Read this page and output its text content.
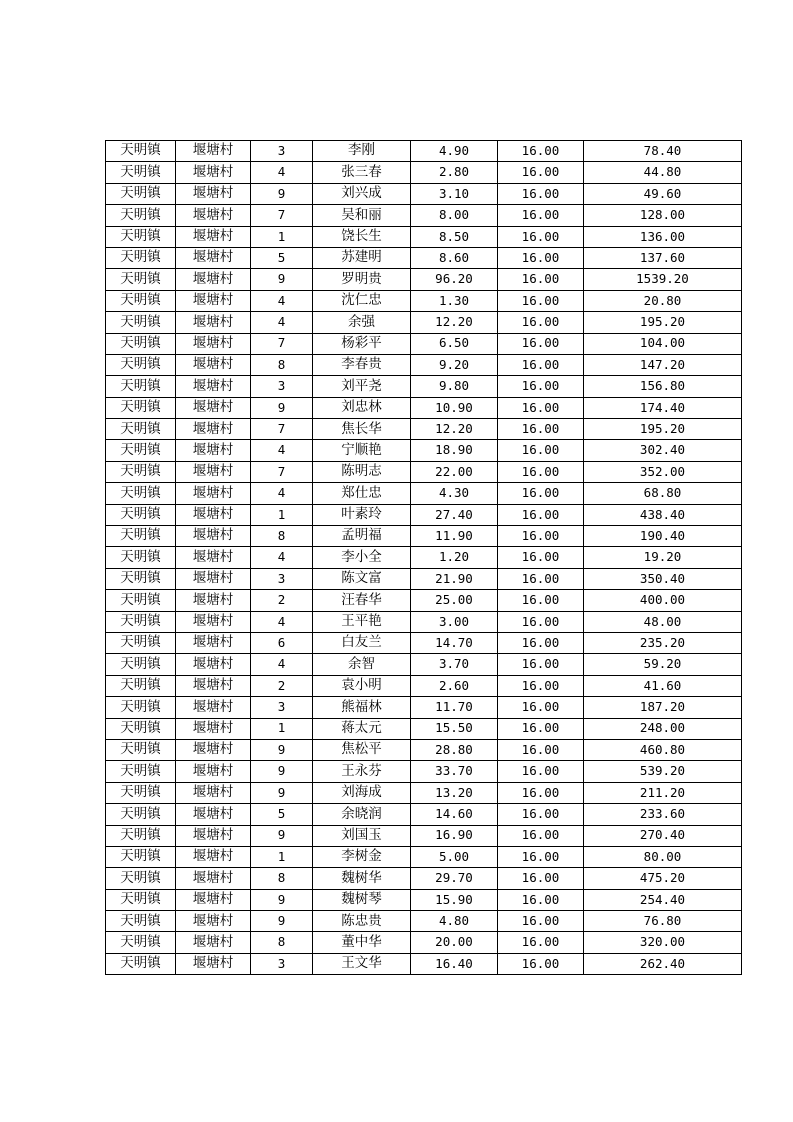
天明镇	堰塘村	3	李刚	4.90	16.00	78.40
天明镇	堰塘村	4	张三春	2.80	16.00	44.80
天明镇	堰塘村	9	刘兴成	3.10	16.00	49.60
天明镇	堰塘村	7	吴和丽	8.00	16.00	128.00
天明镇	堰塘村	1	饶长生	8.50	16.00	136.00
天明镇	堰塘村	5	苏建明	8.60	16.00	137.60
天明镇	堰塘村	9	罗明贵	96.20	16.00	1539.20
天明镇	堰塘村	4	沈仁忠	1.30	16.00	20.80
天明镇	堰塘村	4	余强	12.20	16.00	195.20
天明镇	堰塘村	7	杨彩平	6.50	16.00	104.00
天明镇	堰塘村	8	李春贵	9.20	16.00	147.20
天明镇	堰塘村	3	刘平尧	9.80	16.00	156.80
天明镇	堰塘村	9	刘忠林	10.90	16.00	174.40
天明镇	堰塘村	7	焦长华	12.20	16.00	195.20
天明镇	堰塘村	4	宁顺艳	18.90	16.00	302.40
天明镇	堰塘村	7	陈明志	22.00	16.00	352.00
天明镇	堰塘村	4	郑仕忠	4.30	16.00	68.80
天明镇	堰塘村	1	叶素玲	27.40	16.00	438.40
天明镇	堰塘村	8	孟明福	11.90	16.00	190.40
天明镇	堰塘村	4	李小全	1.20	16.00	19.20
天明镇	堰塘村	3	陈文富	21.90	16.00	350.40
天明镇	堰塘村	2	汪春华	25.00	16.00	400.00
天明镇	堰塘村	4	王平艳	3.00	16.00	48.00
天明镇	堰塘村	6	白友兰	14.70	16.00	235.20
天明镇	堰塘村	4	余智	3.70	16.00	59.20
天明镇	堰塘村	2	袁小明	2.60	16.00	41.60
天明镇	堰塘村	3	熊福林	11.70	16.00	187.20
天明镇	堰塘村	1	蒋太元	15.50	16.00	248.00
天明镇	堰塘村	9	焦松平	28.80	16.00	460.80
天明镇	堰塘村	9	王永芬	33.70	16.00	539.20
天明镇	堰塘村	9	刘海成	13.20	16.00	211.20
天明镇	堰塘村	5	余晓润	14.60	16.00	233.60
天明镇	堰塘村	9	刘国玉	16.90	16.00	270.40
天明镇	堰塘村	1	李树金	5.00	16.00	80.00
天明镇	堰塘村	8	魏树华	29.70	16.00	475.20
天明镇	堰塘村	9	魏树琴	15.90	16.00	254.40
天明镇	堰塘村	9	陈忠贵	4.80	16.00	76.80
天明镇	堰塘村	8	董中华	20.00	16.00	320.00
天明镇	堰塘村	3	王文华	16.40	16.00	262.40
